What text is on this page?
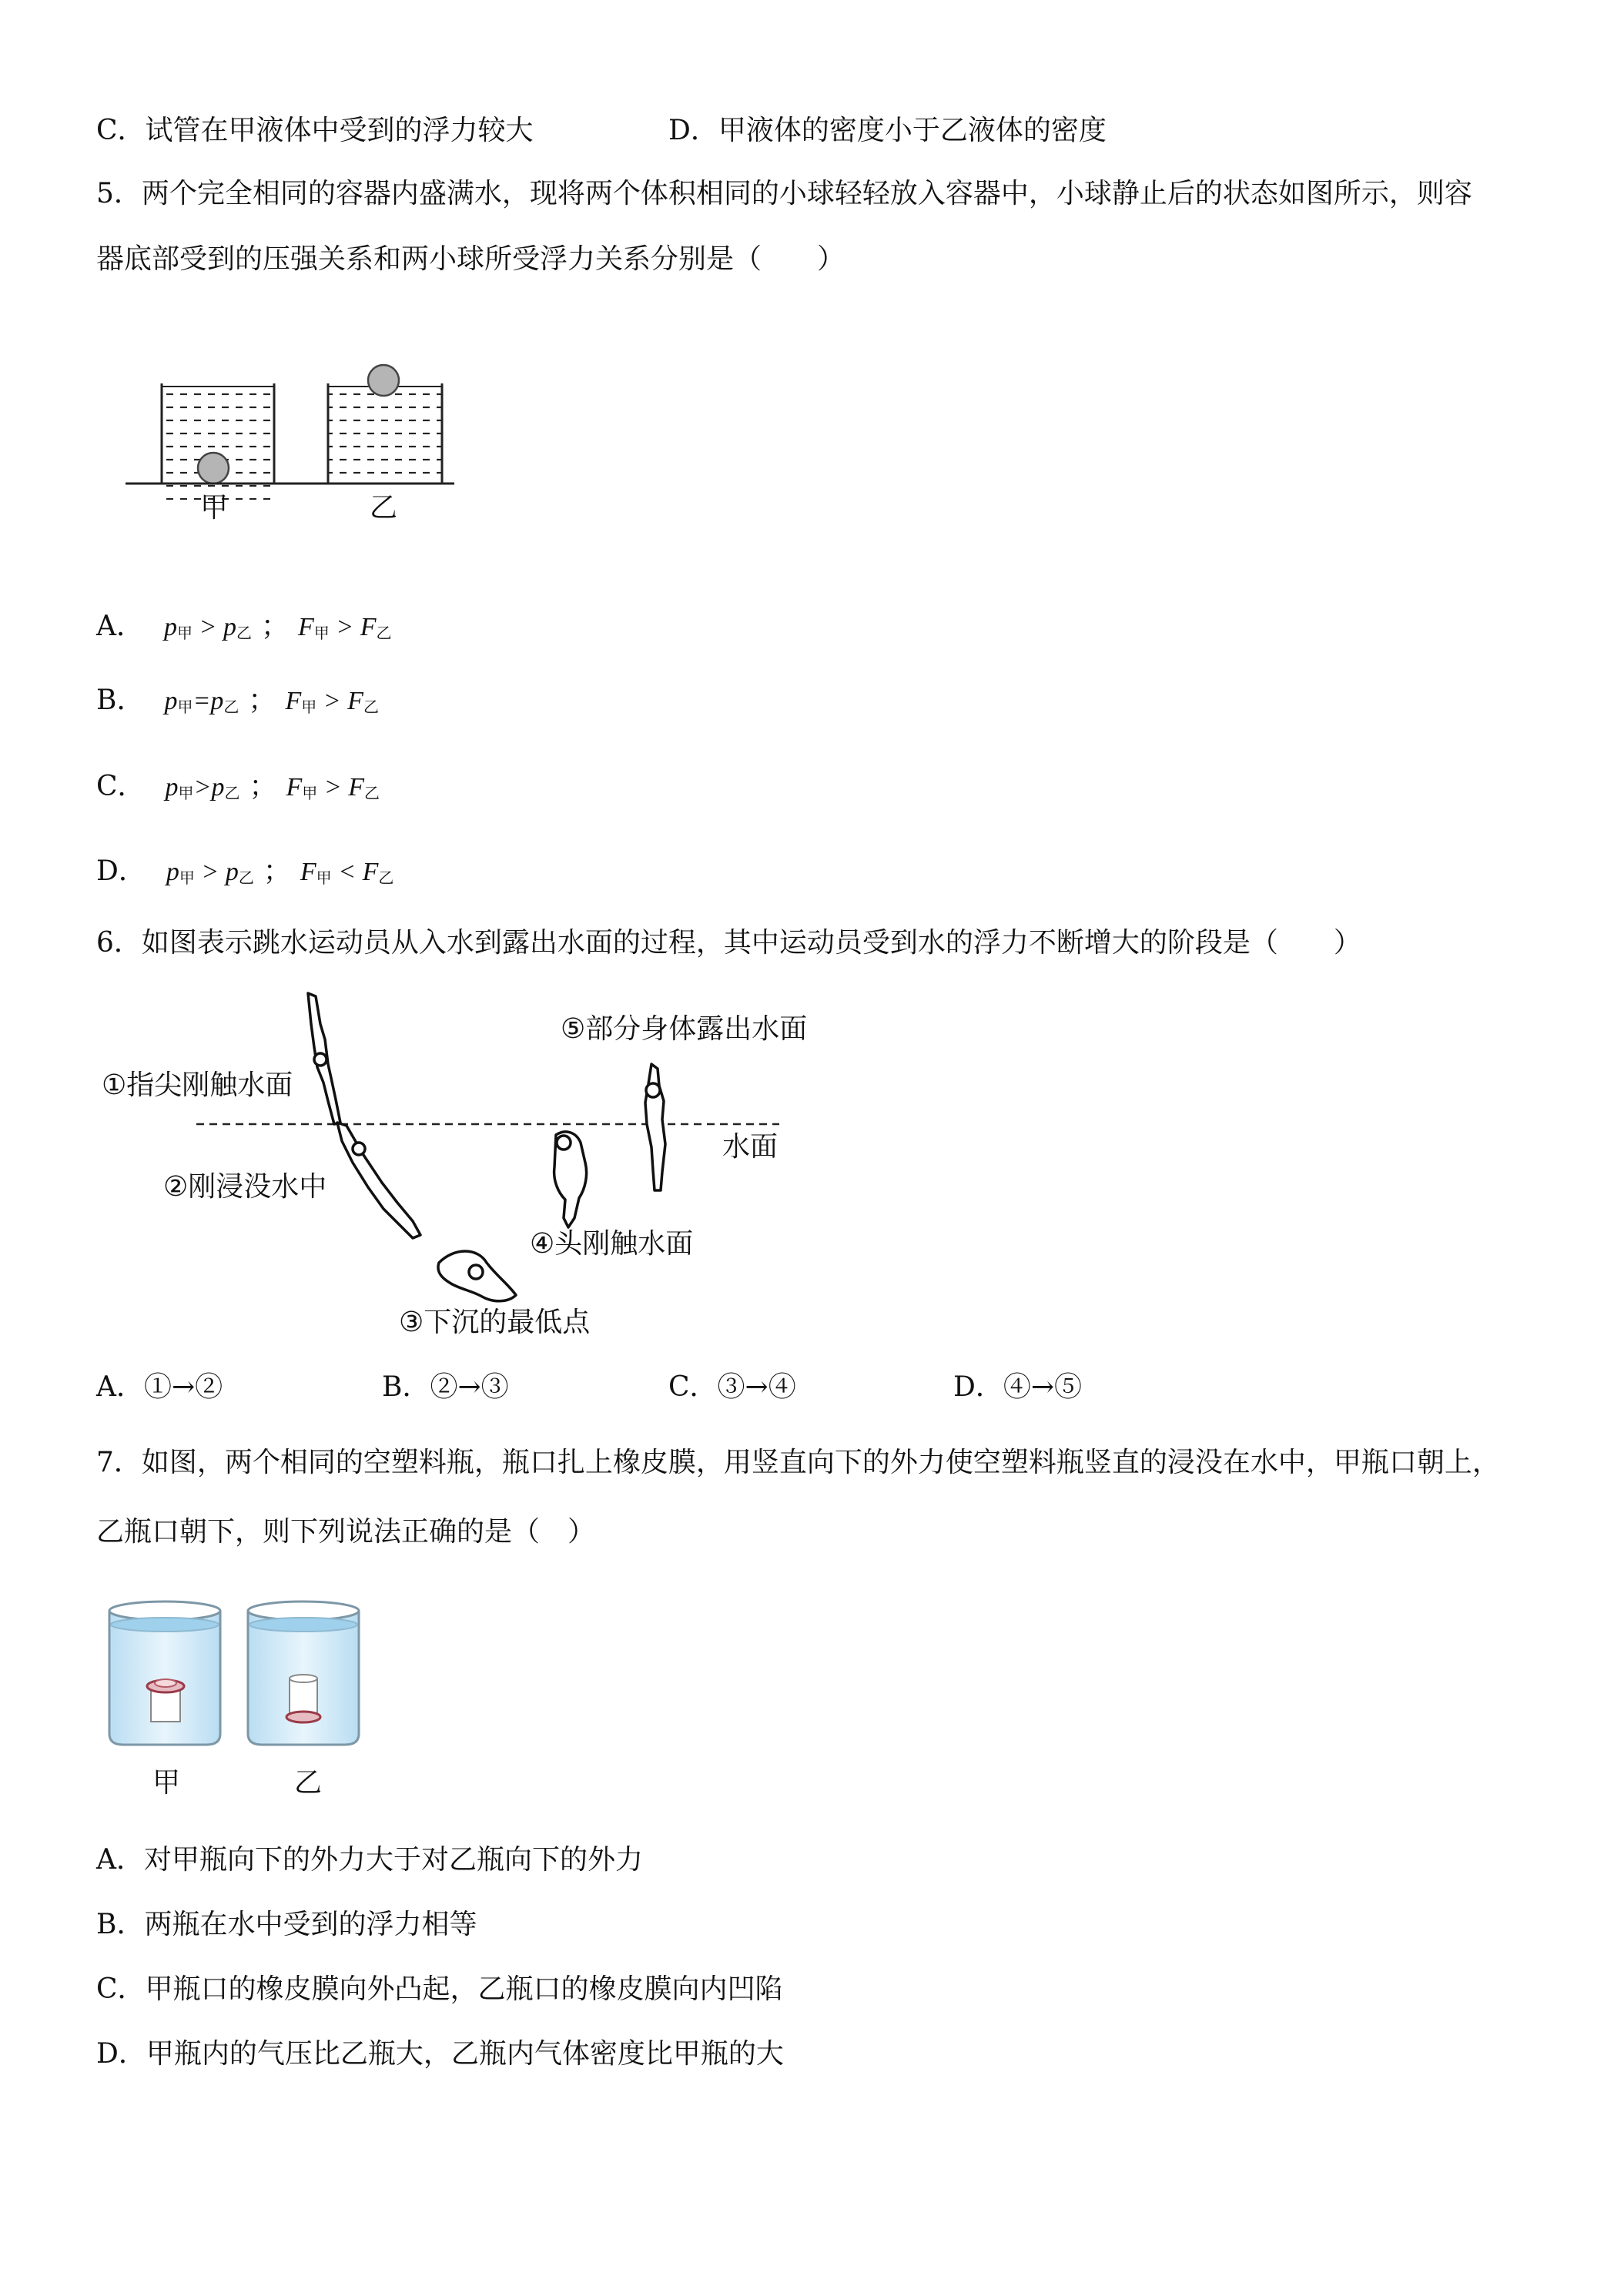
C．试管在甲液体中受到的浮力较大	D．甲液体的密度小于乙液体的密度
5．两个完全相同的容器内盛满水，现将两个体积相同的小球轻轻放入容器中，小球静止后的状态如图所示，则容
器底部受到的压强关系和两小球所受浮力关系分别是（　　）
甲	乙
A． $p_甲 > p_乙$ ； $F_甲 > F_乙$
B． $p_甲=p_乙$ ； $F_甲 > F_乙$
C． $p_甲>p_乙$ ； $F_甲 > F_乙$
D． $p_甲 > p_乙$ ； $F_甲 < F_乙$
6．如图表示跳水运动员从入水到露出水面的过程，其中运动员受到水的浮力不断增大的阶段是（　　）
①指尖刚触水面
②刚浸没水中
③下沉的最低点
④头刚触水面
⑤部分身体露出水面
水面
A．①→②	B．②→③	C．③→④	D．④→⑤
7．如图，两个相同的空塑料瓶，瓶口扎上橡皮膜，用竖直向下的外力使空塑料瓶竖直的浸没在水中，甲瓶口朝上，
乙瓶口朝下，则下列说法正确的是（　）
甲	乙
A．对甲瓶向下的外力大于对乙瓶向下的外力
B．两瓶在水中受到的浮力相等
C．甲瓶口的橡皮膜向外凸起，乙瓶口的橡皮膜向内凹陷
D．甲瓶内的气压比乙瓶大，乙瓶内气体密度比甲瓶的大
